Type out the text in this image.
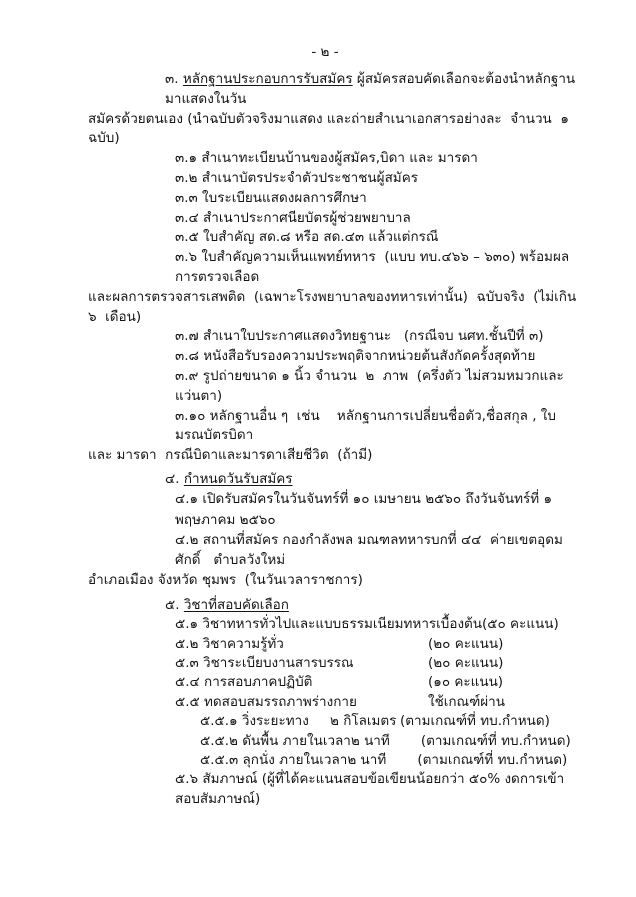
- ๒ -
๓. หลักฐานประกอบการรับสมัคร ผู้สมัครสอบคัดเลือกจะต้องนำหลักฐานมาแสดงในวัน
สมัครด้วยตนเอง (นำฉบับตัวจริงมาแสดง และถ่ายสำเนาเอกสารอย่างละ  จำนวน  ๑ ฉบับ)
๓.๑ สำเนาทะเบียนบ้านของผู้สมัคร,บิดา และ มารดา
๓.๒ สำเนาบัตรประจำตัวประชาชนผู้สมัคร
๓.๓ ใบระเบียนแสดงผลการศึกษา
๓.๔ สำเนาประกาศนียบัตรผู้ช่วยพยาบาล
๓.๕ ใบสำคัญ สด.๘ หรือ สด.๔๓ แล้วแต่กรณี
๓.๖ ใบสำคัญความเห็นแพทย์ทหาร  (แบบ ทบ.๔๖๖ – ๖๓๐) พร้อมผลการตรวจเลือด
และผลการตรวจสารเสพติด  (เฉพาะโรงพยาบาลของทหารเท่านั้น)  ฉบับจริง  (ไม่เกิน  ๖  เดือน)
๓.๗ สำเนาใบประกาศแสดงวิทยฐานะ   (กรณีจบ นศท.ชั้นปีที่ ๓)
๓.๘ หนังสือรับรองความประพฤติจากหน่วยต้นสังกัดครั้งสุดท้าย
๓.๙ รูปถ่ายขนาด ๑ นิ้ว จำนวน  ๒  ภาพ  (ครึ่งตัว ไม่สวมหมวกและแว่นตา)
๓.๑๐ หลักฐานอื่น ๆ  เช่น    หลักฐานการเปลี่ยนชื่อตัว,ชื่อสกุล , ใบมรณบัตรบิดา
และ มารดา  กรณีบิดาและมารดาเสียชีวิต  (ถ้ามี)
๔. กำหนดวันรับสมัคร
๔.๑ เปิดรับสมัครในวันจันทร์ที่ ๑๐ เมษายน ๒๕๖๐ ถึงวันจันทร์ที่ ๑ พฤษภาคม ๒๕๖๐
๔.๒ สถานที่สมัคร กองกำลังพล มณฑลทหารบกที่ ๔๔  ค่ายเขตอุดมศักดิ์   ตำบลวังใหม่
อำเภอเมือง จังหวัด ชุมพร  (ในวันเวลาราชการ)
๕. วิชาที่สอบคัดเลือก
๕.๑ วิชาทหารทั่วไปและแบบธรรมเนียมทหารเบื้องต้น (๕๐ คะแนน)
๕.๒ วิชาความรู้ทั่ว	(๒๐ คะแนน)
๕.๓ วิชาระเบียบงานสารบรรณ	(๒๐ คะแนน)
๕.๔ การสอบภาคปฏิบัติ	(๑๐ คะแนน)
๕.๕ ทดสอบสมรรถภาพร่างกาย	ใช้เกณฑ์ผ่าน
๕.๕.๑ วิ่งระยะทาง	๒ กิโลเมตร (ตามเกณฑ์ที่ ทบ.กำหนด)
๕.๕.๒ ดันพื้น ภายในเวลา ๒ นาที	(ตามเกณฑ์ที่ ทบ.กำหนด)
๕.๕.๓ ลุกนั่ง ภายในเวลา ๒ นาที	(ตามเกณฑ์ที่ ทบ.กำหนด)
๕.๖ สัมภาษณ์ (ผู้ที่ได้คะแนนสอบข้อเขียนน้อยกว่า ๕๐% งดการเข้าสอบสัมภาษณ์)
